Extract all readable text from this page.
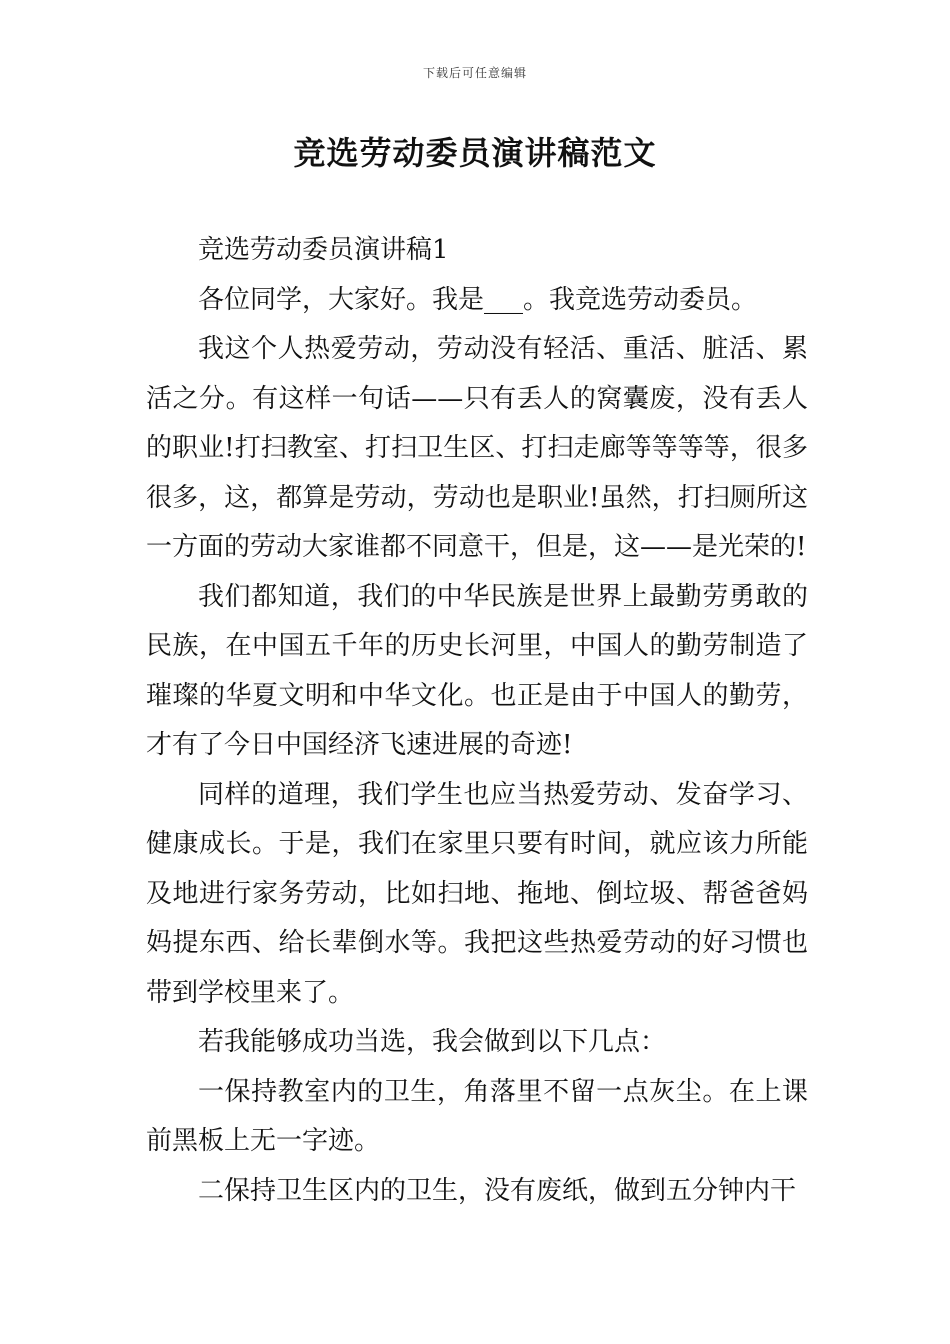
下载后可任意编辑
竞选劳动委员演讲稿范文

竞选劳动委员演讲稿1

各位同学，大家好。我是___。我竞选劳动委员。

我这个人热爱劳动，劳动没有轻活、重活、脏活、累活之分。有这样一句话——只有丢人的窝囊废，没有丢人的职业!打扫教室、打扫卫生区、打扫走廊等等等等，很多很多，这，都算是劳动，劳动也是职业!虽然，打扫厕所这一方面的劳动大家谁都不同意干，但是，这——是光荣的!

我们都知道，我们的中华民族是世界上最勤劳勇敢的民族，在中国五千年的历史长河里，中国人的勤劳制造了璀璨的华夏文明和中华文化。也正是由于中国人的勤劳，才有了今日中国经济飞速进展的奇迹!

同样的道理，我们学生也应当热爱劳动、发奋学习、健康成长。于是，我们在家里只要有时间，就应该力所能及地进行家务劳动，比如扫地、拖地、倒垃圾、帮爸爸妈妈提东西、给长辈倒水等。我把这些热爱劳动的好习惯也带到学校里来了。

若我能够成功当选，我会做到以下几点：

一保持教室内的卫生，角落里不留一点灰尘。在上课前黑板上无一字迹。

二保持卫生区内的卫生，没有废纸，做到五分钟内干
